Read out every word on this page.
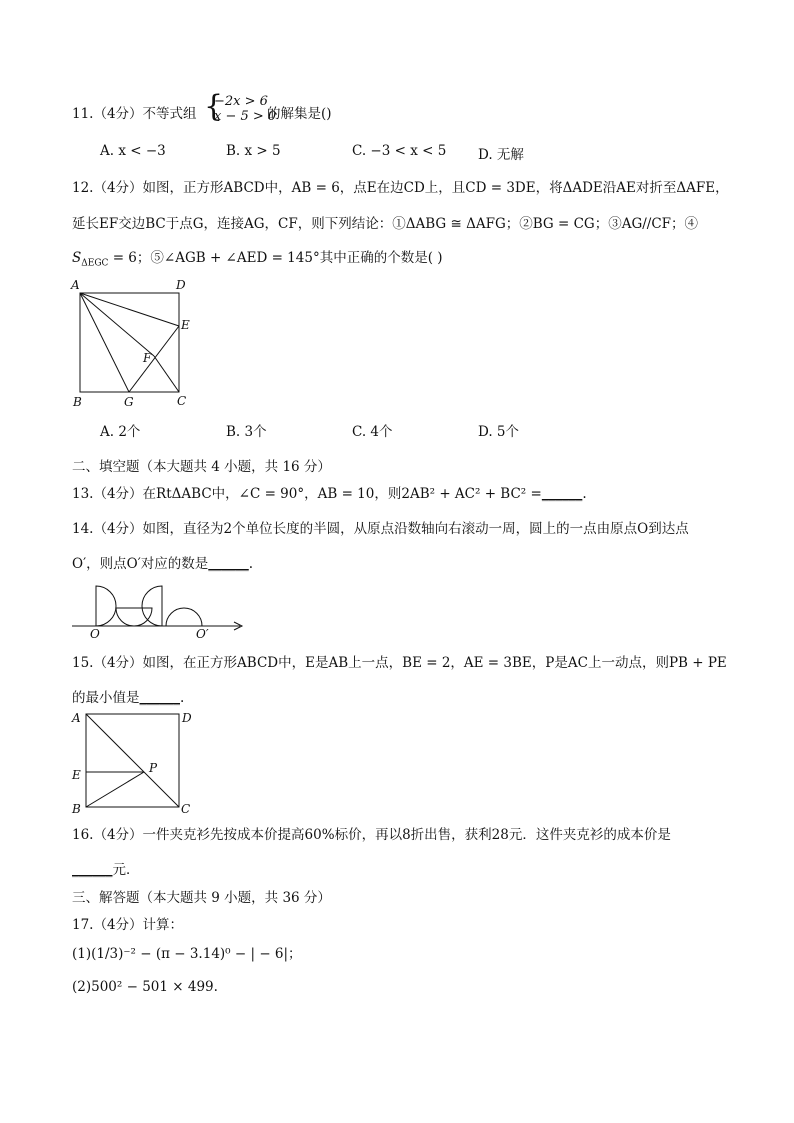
11.（4分）不等式组 {
−2x > 6
x − 5 > 0
的解集是()
A. x < −3	B. x > 5	C. −3 < x < 5 D. 无解
12.（4分）如图，正方形ABCD中，AB = 6，点E在边CD上，且CD = 3DE，将ΔADE沿AE对折至ΔAFE，
延长EF交边BC于点G，连接AG，CF，则下列结论：①ΔABG ≅ ΔAFG；②BG = CG；③AG//CF；④
$S_{\Delta EGC} = 6$；⑤∠AGB + ∠AED = 145°其中正确的个数是( )
A	D
E
F
B	G	C
A. 2个	B. 3个	C. 4个	D. 5个
二、填空题（本大题共 4 小题，共 16 分）
13.（4分）在RtΔABC中，∠C = 90°，AB = 10，则2AB² + AC² + BC² =______.
14.（4分）如图，直径为2个单位长度的半圆，从原点沿数轴向右滚动一周，圆上的一点由原点O到达点
O′，则点O′对应的数是______.
O	O′
15.（4分）如图，在正方形ABCD中，E是AB上一点，BE = 2，AE = 3BE，P是AC上一动点，则PB + PE
的最小值是______.
A	D
E	P
B	C
16.（4分）一件夹克衫先按成本价提高60%标价，再以8折出售，获利28元．这件夹克衫的成本价是
______元．
三、解答题（本大题共 9 小题，共 36 分）
17.（4分）计算：
(1)(1/3)⁻² − (π − 3.14)⁰ − | − 6|；
(2)500² − 501 × 499.
